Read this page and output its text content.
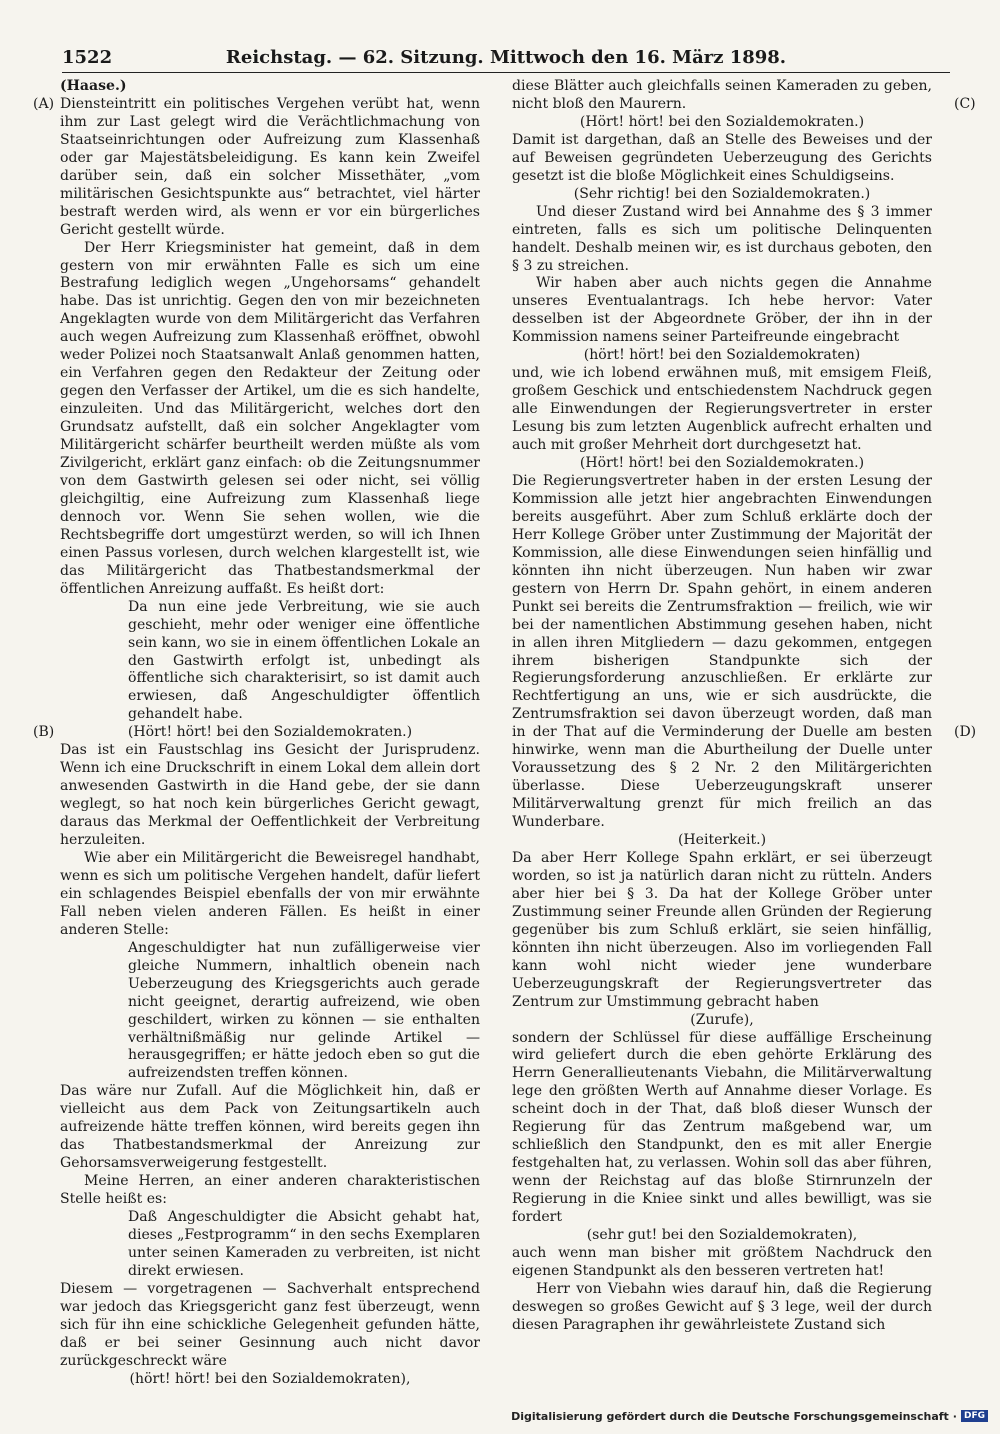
1522	Reichstag. — 62. Sitzung. Mittwoch den 16. März 1898.
(A)
(B)
(C)
(D)

(Haase.)

Diensteintritt ein politisches Vergehen verübt hat, wenn ihm zur Last gelegt wird die Verächtlichmachung von Staatseinrichtungen oder Aufreizung zum Klassenhaß oder gar Majestätsbeleidigung. Es kann kein Zweifel darüber sein, daß ein solcher Missethäter, „vom militärischen Gesichtspunkte aus“ betrachtet, viel härter bestraft werden wird, als wenn er vor ein bürgerliches Gericht gestellt würde.

Der Herr Kriegsminister hat gemeint, daß in dem gestern von mir erwähnten Falle es sich um eine Bestrafung lediglich wegen „Ungehorsams“ gehandelt habe. Das ist unrichtig. Gegen den von mir bezeichneten Angeklagten wurde von dem Militärgericht das Verfahren auch wegen Aufreizung zum Klassenhaß eröffnet, obwohl weder Polizei noch Staatsanwalt Anlaß genommen hatten, ein Verfahren gegen den Redakteur der Zeitung oder gegen den Verfasser der Artikel, um die es sich handelte, einzuleiten. Und das Militärgericht, welches dort den Grundsatz aufstellt, daß ein solcher Angeklagter vom Militärgericht schärfer beurtheilt werden müßte als vom Zivilgericht, erklärt ganz einfach: ob die Zeitungsnummer von dem Gastwirth gelesen sei oder nicht, sei völlig gleichgiltig, eine Aufreizung zum Klassenhaß liege dennoch vor. Wenn Sie sehen wollen, wie die Rechtsbegriffe dort umgestürzt werden, so will ich Ihnen einen Passus vorlesen, durch welchen klargestellt ist, wie das Militärgericht das Thatbestandsmerkmal der öffentlichen Anreizung auffaßt. Es heißt dort:

Da nun eine jede Verbreitung, wie sie auch geschieht, mehr oder weniger eine öffentliche sein kann, wo sie in einem öffentlichen Lokale an den Gastwirth erfolgt ist, unbedingt als öffentliche sich charakterisirt, so ist damit auch erwiesen, daß Angeschuldigter öffentlich gehandelt habe.

(Hört! hört! bei den Sozialdemokraten.)

Das ist ein Faustschlag ins Gesicht der Jurisprudenz. Wenn ich eine Druckschrift in einem Lokal dem allein dort anwesenden Gastwirth in die Hand gebe, der sie dann weglegt, so hat noch kein bürgerliches Gericht gewagt, daraus das Merkmal der Oeffentlichkeit der Verbreitung herzuleiten.

Wie aber ein Militärgericht die Beweisregel handhabt, wenn es sich um politische Vergehen handelt, dafür liefert ein schlagendes Beispiel ebenfalls der von mir erwähnte Fall neben vielen anderen Fällen. Es heißt in einer anderen Stelle:

Angeschuldigter hat nun zufälligerweise vier gleiche Nummern, inhaltlich obenein nach Ueberzeugung des Kriegsgerichts auch gerade nicht geeignet, derartig aufreizend, wie oben geschildert, wirken zu können — sie enthalten verhältnißmäßig nur gelinde Artikel — herausgegriffen; er hätte jedoch eben so gut die aufreizendsten treffen können.

Das wäre nur Zufall. Auf die Möglichkeit hin, daß er vielleicht aus dem Pack von Zeitungsartikeln auch aufreizende hätte treffen können, wird bereits gegen ihn das Thatbestandsmerkmal der Anreizung zur Gehorsamsverweigerung festgestellt.

Meine Herren, an einer anderen charakteristischen Stelle heißt es:

Daß Angeschuldigter die Absicht gehabt hat, dieses „Festprogramm“ in den sechs Exemplaren unter seinen Kameraden zu verbreiten, ist nicht direkt erwiesen.

Diesem — vorgetragenen — Sachverhalt entsprechend war jedoch das Kriegsgericht ganz fest überzeugt, wenn sich für ihn eine schickliche Gelegenheit gefunden hätte, daß er bei seiner Gesinnung auch nicht davor zurückgeschreckt wäre

(hört! hört! bei den Sozialdemokraten),

diese Blätter auch gleichfalls seinen Kameraden zu geben, nicht bloß den Maurern.

(Hört! hört! bei den Sozialdemokraten.)

Damit ist dargethan, daß an Stelle des Beweises und der auf Beweisen gegründeten Ueberzeugung des Gerichts gesetzt ist die bloße Möglichkeit eines Schuldigseins.

(Sehr richtig! bei den Sozialdemokraten.)

Und dieser Zustand wird bei Annahme des § 3 immer eintreten, falls es sich um politische Delinquenten handelt. Deshalb meinen wir, es ist durchaus geboten, den § 3 zu streichen.

Wir haben aber auch nichts gegen die Annahme unseres Eventualantrags. Ich hebe hervor: Vater desselben ist der Abgeordnete Gröber, der ihn in der Kommission namens seiner Parteifreunde eingebracht

(hört! hört! bei den Sozialdemokraten)

und, wie ich lobend erwähnen muß, mit emsigem Fleiß, großem Geschick und entschiedenstem Nachdruck gegen alle Einwendungen der Regierungsvertreter in erster Lesung bis zum letzten Augenblick aufrecht erhalten und auch mit großer Mehrheit dort durchgesetzt hat.

(Hört! hört! bei den Sozialdemokraten.)

Die Regierungsvertreter haben in der ersten Lesung der Kommission alle jetzt hier angebrachten Einwendungen bereits ausgeführt. Aber zum Schluß erklärte doch der Herr Kollege Gröber unter Zustimmung der Majorität der Kommission, alle diese Einwendungen seien hinfällig und könnten ihn nicht überzeugen. Nun haben wir zwar gestern von Herrn Dr. Spahn gehört, in einem anderen Punkt sei bereits die Zentrumsfraktion — freilich, wie wir bei der namentlichen Abstimmung gesehen haben, nicht in allen ihren Mitgliedern — dazu gekommen, entgegen ihrem bisherigen Standpunkte sich der Regierungsforderung anzuschließen. Er erklärte zur Rechtfertigung an uns, wie er sich ausdrückte, die Zentrumsfraktion sei davon überzeugt worden, daß man in der That auf die Verminderung der Duelle am besten hinwirke, wenn man die Aburtheilung der Duelle unter Voraussetzung des § 2 Nr. 2 den Militärgerichten überlasse. Diese Ueberzeugungskraft unserer Militärverwaltung grenzt für mich freilich an das Wunderbare.

(Heiterkeit.)

Da aber Herr Kollege Spahn erklärt, er sei überzeugt worden, so ist ja natürlich daran nicht zu rütteln. Anders aber hier bei § 3. Da hat der Kollege Gröber unter Zustimmung seiner Freunde allen Gründen der Regierung gegenüber bis zum Schluß erklärt, sie seien hinfällig, könnten ihn nicht überzeugen. Also im vorliegenden Fall kann wohl nicht wieder jene wunderbare Ueberzeugungskraft der Regierungsvertreter das Zentrum zur Umstimmung gebracht haben

(Zurufe),

sondern der Schlüssel für diese auffällige Erscheinung wird geliefert durch die eben gehörte Erklärung des Herrn Generallieutenants Viebahn, die Militärverwaltung lege den größten Werth auf Annahme dieser Vorlage. Es scheint doch in der That, daß bloß dieser Wunsch der Regierung für das Zentrum maßgebend war, um schließlich den Standpunkt, den es mit aller Energie festgehalten hat, zu verlassen. Wohin soll das aber führen, wenn der Reichstag auf das bloße Stirnrunzeln der Regierung in die Kniee sinkt und alles bewilligt, was sie fordert

(sehr gut! bei den Sozialdemokraten),

auch wenn man bisher mit größtem Nachdruck den eigenen Standpunkt als den besseren vertreten hat!

Herr von Viebahn wies darauf hin, daß die Regierung deswegen so großes Gewicht auf § 3 lege, weil der durch diesen Paragraphen ihr gewährleistete Zustand sich

Digitalisierung gefördert durch die Deutsche Forschungsgemeinschaft · DFG
